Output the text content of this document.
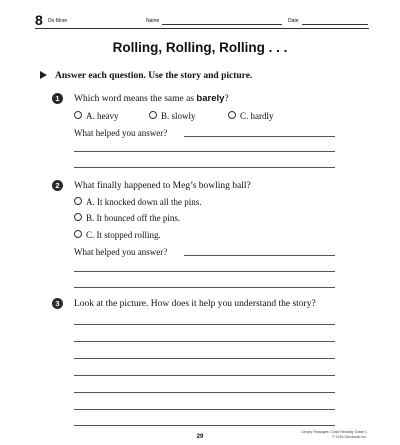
8 Do More	Name	Date
Rolling, Rolling, Rolling . . .
Answer each question. Use the story and picture.
1	Which word means the same as barely?
A. heavy	B. slowly	C. hardly
What helped you answer?
2	What finally happened to Meg’s bowling ball?
A. It knocked down all the pins.
B. It bounced off the pins.
C. It stopped rolling.
What helped you answer?
3	Look at the picture. How does it help you understand the story?
29
Library Passages: Close Reading Grade 1
© 2016 Scholastic Inc.
